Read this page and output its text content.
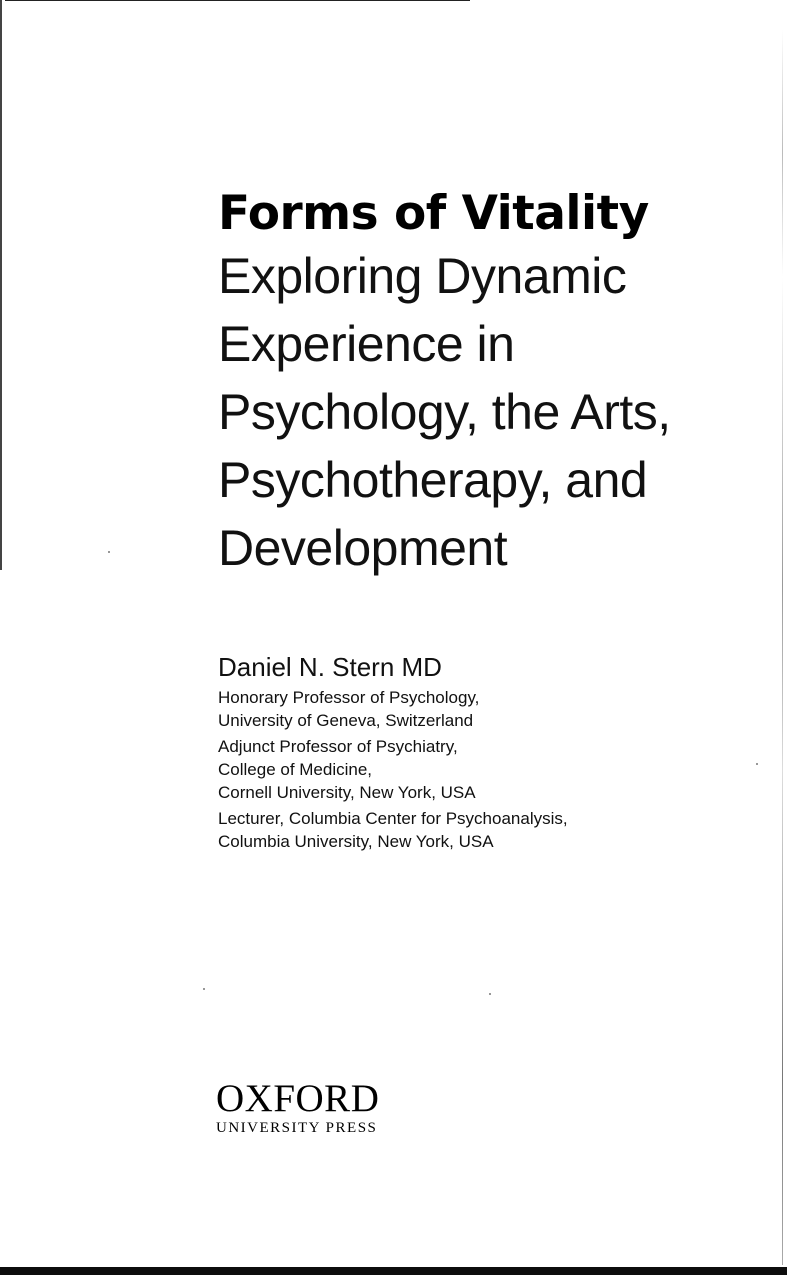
Forms of Vitality
Exploring Dynamic
Experience in
Psychology, the Arts,
Psychotherapy, and
Development
Daniel N. Stern MD
Honorary Professor of Psychology,
University of Geneva, Switzerland
Adjunct Professor of Psychiatry,
College of Medicine,
Cornell University, New York, USA
Lecturer, Columbia Center for Psychoanalysis,
Columbia University, New York, USA
OXFORD
UNIVERSITY PRESS
